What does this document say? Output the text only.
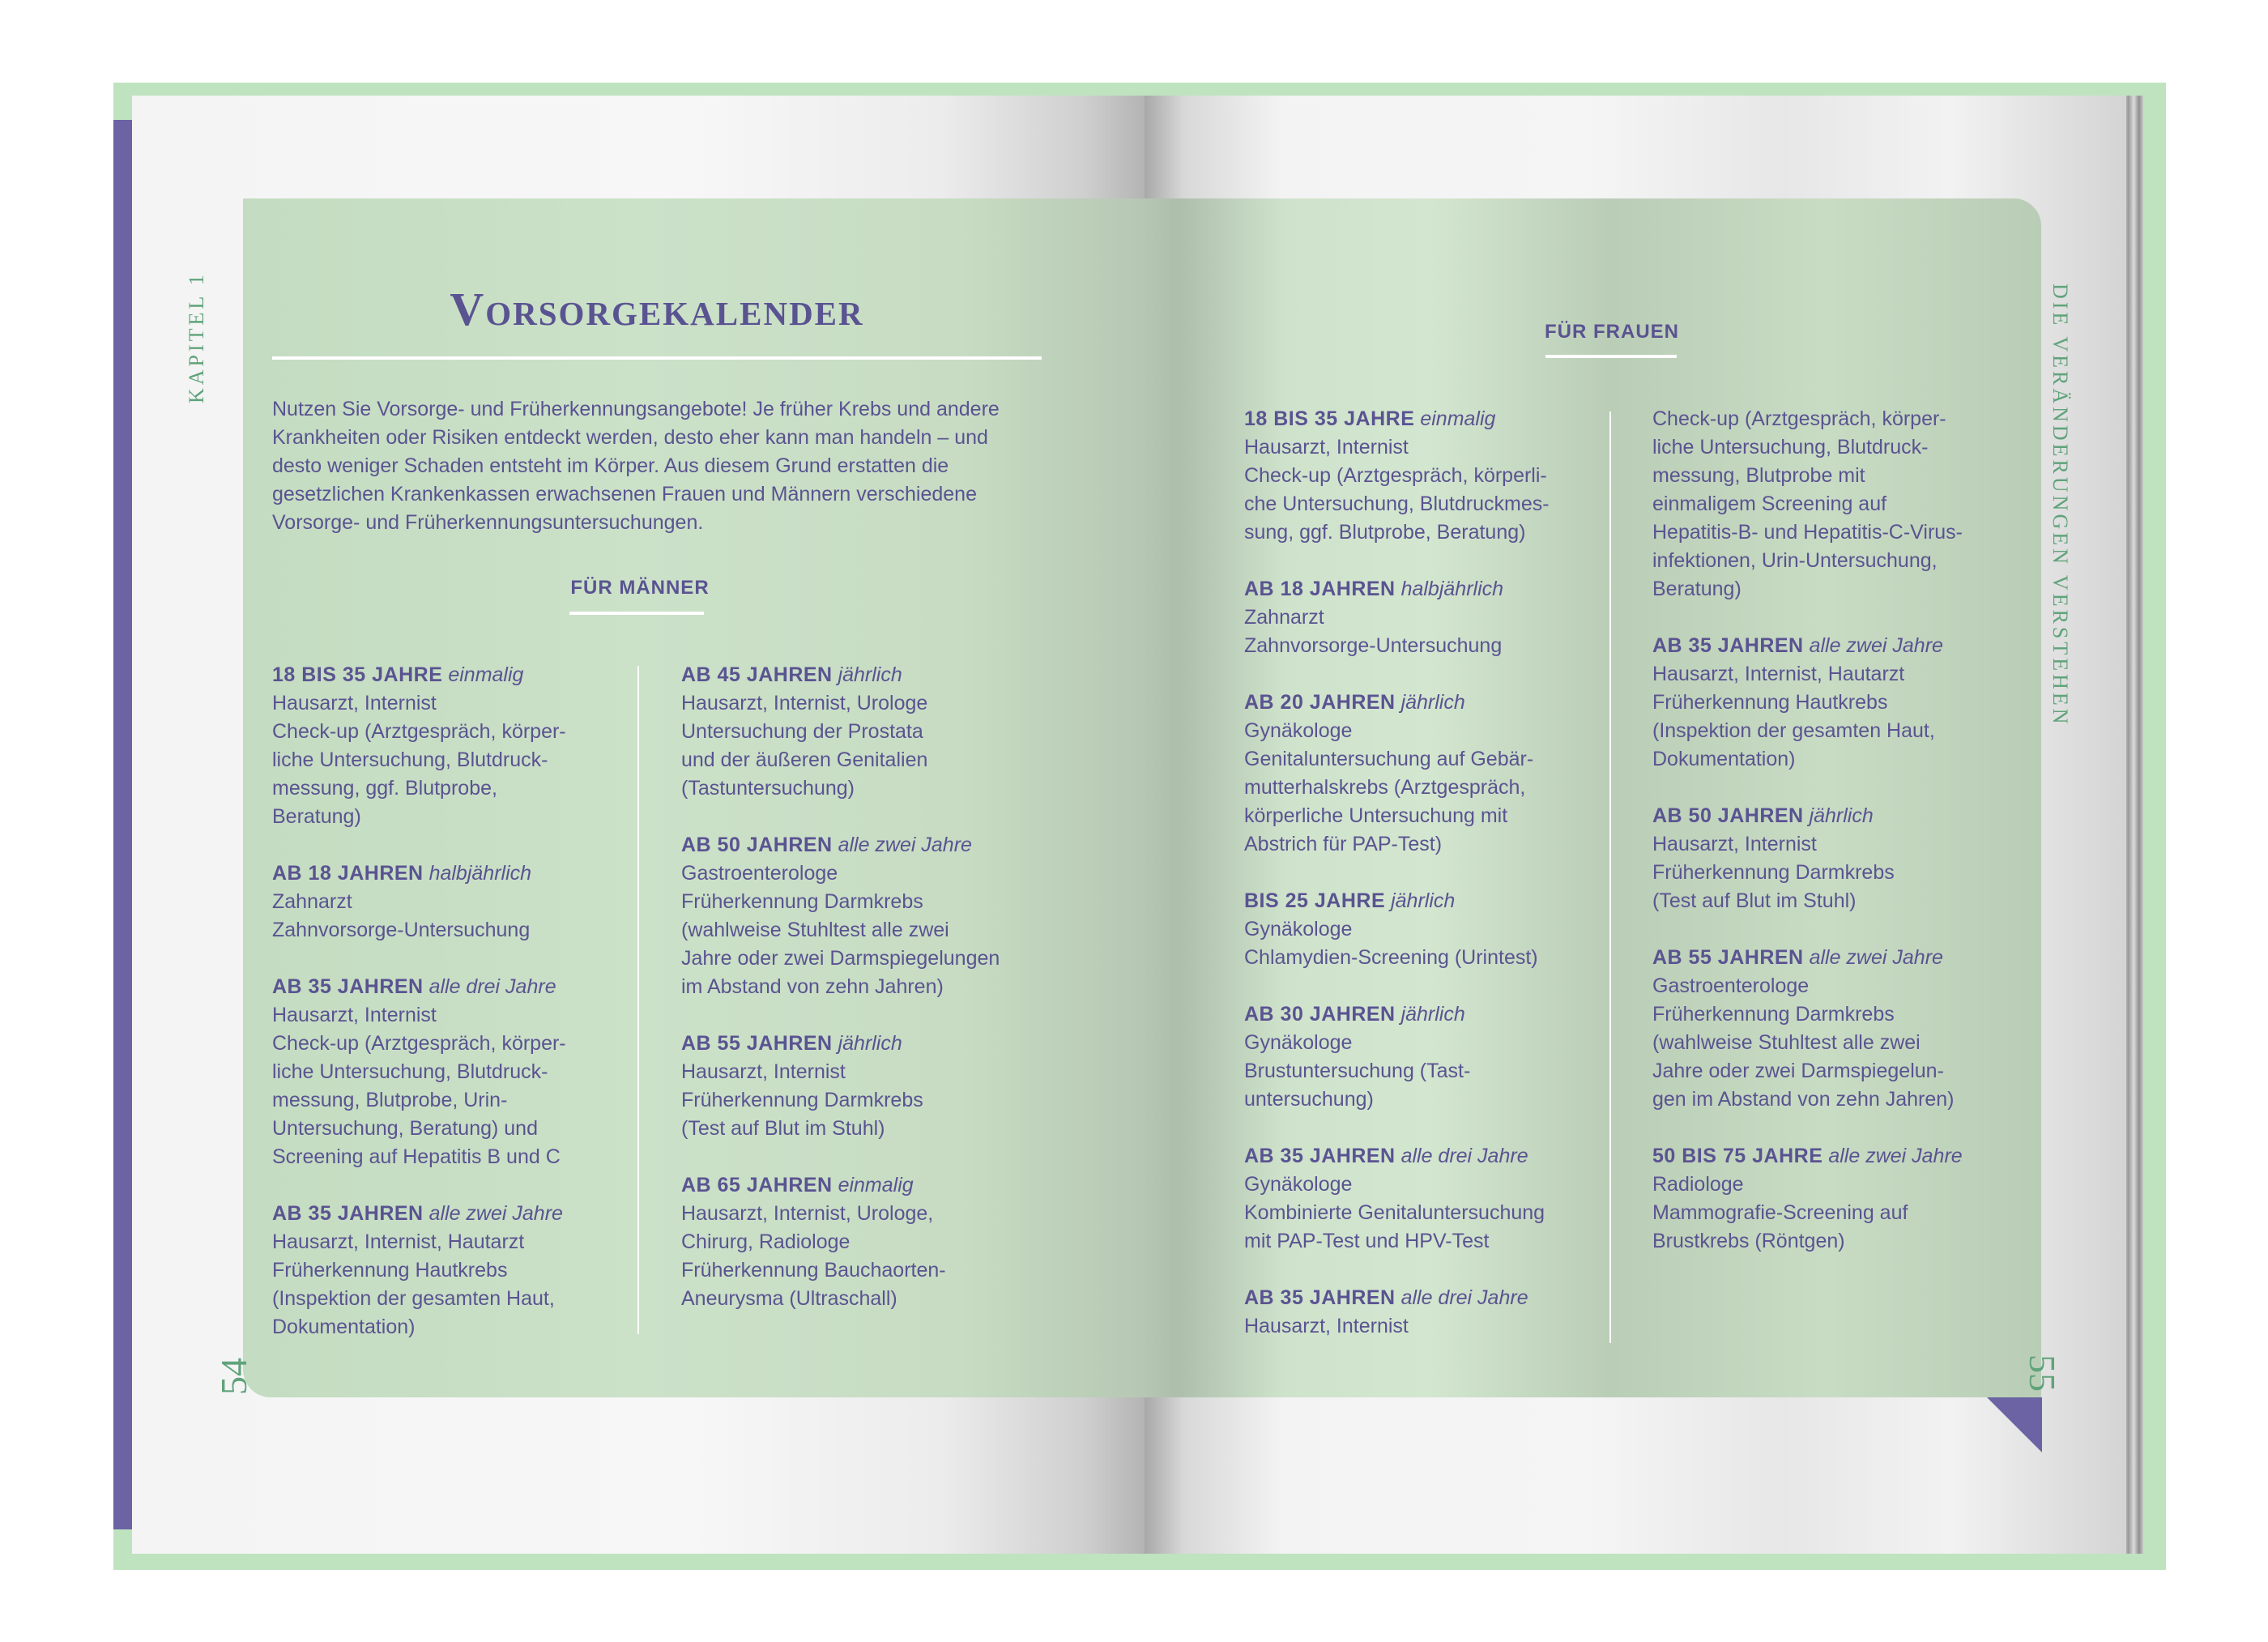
KAPITEL 1	DIE VERÄNDERUNGEN VERSTEHEN
54	55
Vorsorgekalender
Nutzen Sie Vorsorge- und Früherkennungsangebote! Je früher Krebs und andere
Krankheiten oder Risiken entdeckt werden, desto eher kann man handeln – und
desto weniger Schaden entsteht im Körper. Aus diesem Grund erstatten die
gesetzlichen Krankenkassen erwachsenen Frauen und Männern verschiedene
Vorsorge- und Früherkennungsuntersuchungen.
FÜR MÄNNER
FÜR FRAUEN
18 BIS 35 JAHRE einmalig
Hausarzt, Internist
Check-up (Arztgespräch, körper-
liche Untersuchung, Blutdruck-
messung, ggf. Blutprobe,
Beratung)
AB 18 JAHREN halbjährlich
Zahnarzt
Zahnvorsorge-Untersuchung
AB 35 JAHREN alle drei Jahre
Hausarzt, Internist
Check-up (Arztgespräch, körper-
liche Untersuchung, Blutdruck-
messung, Blutprobe, Urin-
Untersuchung, Beratung) und
Screening auf Hepatitis B und C
AB 35 JAHREN alle zwei Jahre
Hausarzt, Internist, Hautarzt
Früherkennung Hautkrebs
(Inspektion der gesamten Haut,
Dokumentation)
AB 45 JAHREN jährlich
Hausarzt, Internist, Urologe
Untersuchung der Prostata
und der äußeren Genitalien
(Tastuntersuchung)
AB 50 JAHREN alle zwei Jahre
Gastroenterologe
Früherkennung Darmkrebs
(wahlweise Stuhltest alle zwei
Jahre oder zwei Darmspiegelungen
im Abstand von zehn Jahren)
AB 55 JAHREN jährlich
Hausarzt, Internist
Früherkennung Darmkrebs
(Test auf Blut im Stuhl)
AB 65 JAHREN einmalig
Hausarzt, Internist, Urologe,
Chirurg, Radiologe
Früherkennung Bauchaorten-
Aneurysma (Ultraschall)
18 BIS 35 JAHRE einmalig
Hausarzt, Internist
Check-up (Arztgespräch, körperli-
che Untersuchung, Blutdruckmes-
sung, ggf. Blutprobe, Beratung)
AB 18 JAHREN halbjährlich
Zahnarzt
Zahnvorsorge-Untersuchung
AB 20 JAHREN jährlich
Gynäkologe
Genitaluntersuchung auf Gebär-
mutterhalskrebs (Arztgespräch,
körperliche Untersuchung mit
Abstrich für PAP-Test)
BIS 25 JAHRE jährlich
Gynäkologe
Chlamydien-Screening (Urintest)
AB 30 JAHREN jährlich
Gynäkologe
Brustuntersuchung (Tast-
untersuchung)
AB 35 JAHREN alle drei Jahre
Gynäkologe
Kombinierte Genitaluntersuchung
mit PAP-Test und HPV-Test
AB 35 JAHREN alle drei Jahre
Hausarzt, Internist
Check-up (Arztgespräch, körper-
liche Untersuchung, Blutdruck-
messung, Blutprobe mit
einmaligem Screening auf
Hepatitis-B- und Hepatitis-C-Virus-
infektionen, Urin-Untersuchung,
Beratung)
AB 35 JAHREN alle zwei Jahre
Hausarzt, Internist, Hautarzt
Früherkennung Hautkrebs
(Inspektion der gesamten Haut,
Dokumentation)
AB 50 JAHREN jährlich
Hausarzt, Internist
Früherkennung Darmkrebs
(Test auf Blut im Stuhl)
AB 55 JAHREN alle zwei Jahre
Gastroenterologe
Früherkennung Darmkrebs
(wahlweise Stuhltest alle zwei
Jahre oder zwei Darmspiegelun-
gen im Abstand von zehn Jahren)
50 BIS 75 JAHRE alle zwei Jahre
Radiologe
Mammografie-Screening auf
Brustkrebs (Röntgen)
